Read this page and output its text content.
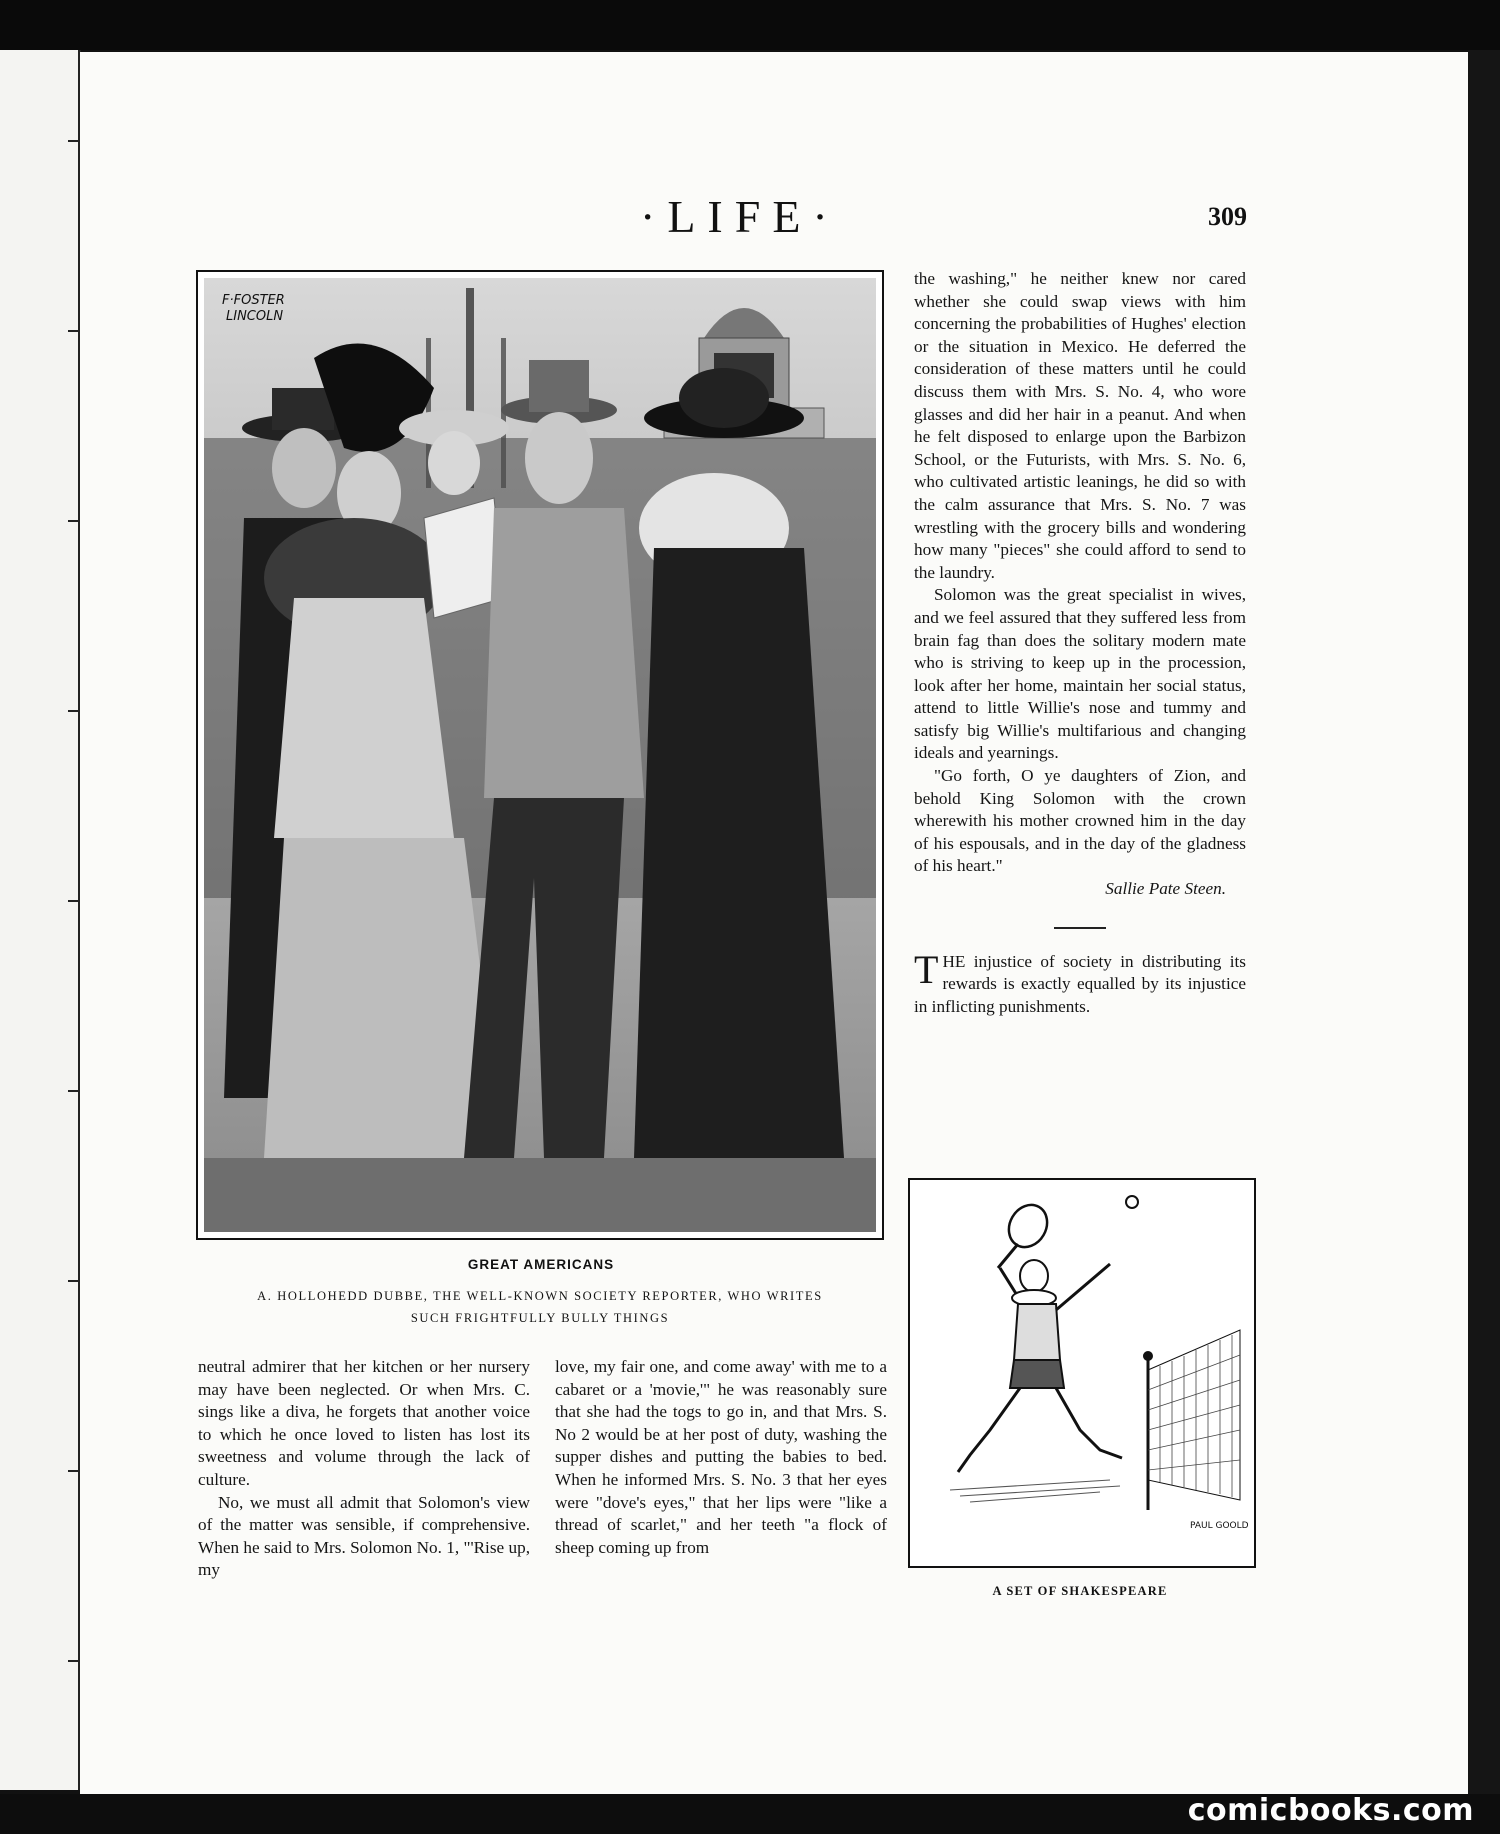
comicbooks.com
·LIFE·	309
F·FOSTER
LINCOLN
GREAT AMERICANS
A. HOLLOHEDD DUBBE, THE WELL-KNOWN SOCIETY REPORTER, WHO WRITES
SUCH FRIGHTFULLY BULLY THINGS

the washing," he neither knew nor cared whether she could swap views with him concerning the probabilities of Hughes' election or the situation in Mexico. He deferred the consideration of these matters until he could discuss them with Mrs. S. No. 4, who wore glasses and did her hair in a peanut. And when he felt disposed to enlarge upon the Barbizon School, or the Futurists, with Mrs. S. No. 6, who cultivated artistic leanings, he did so with the calm assurance that Mrs. S. No. 7 was wrestling with the grocery bills and wondering how many "pieces" she could afford to send to the laundry.

Solomon was the great specialist in wives, and we feel assured that they suffered less from brain fag than does the solitary modern mate who is striving to keep up in the procession, look after her home, maintain her social status, attend to little Willie's nose and tummy and satisfy big Willie's multifarious and changing ideals and yearnings.

"Go forth, O ye daughters of Zion, and behold King Solomon with the crown wherewith his mother crowned him in the day of his espousals, and in the day of the gladness of his heart."

Sallie Pate Steen.

T HE injustice of society in distributing its rewards is exactly equalled by its injustice in inflicting punishments.

neutral admirer that her kitchen or her nursery may have been neglected. Or when Mrs. C. sings like a diva, he forgets that another voice to which he once loved to listen has lost its sweetness and volume through the lack of culture.

No, we must all admit that Solomon's view of the matter was sensible, if comprehensive. When he said to Mrs. Solomon No. 1, "'Rise up, my

love, my fair one, and come away' with me to a cabaret or a 'movie,'" he was reasonably sure that she had the togs to go in, and that Mrs. S. No 2 would be at her post of duty, washing the supper dishes and putting the babies to bed. When he informed Mrs. S. No. 3 that her eyes were "dove's eyes," that her lips were "like a thread of scarlet," and her teeth "a flock of sheep coming up from

PAUL GOOLD
A SET OF SHAKESPEARE
